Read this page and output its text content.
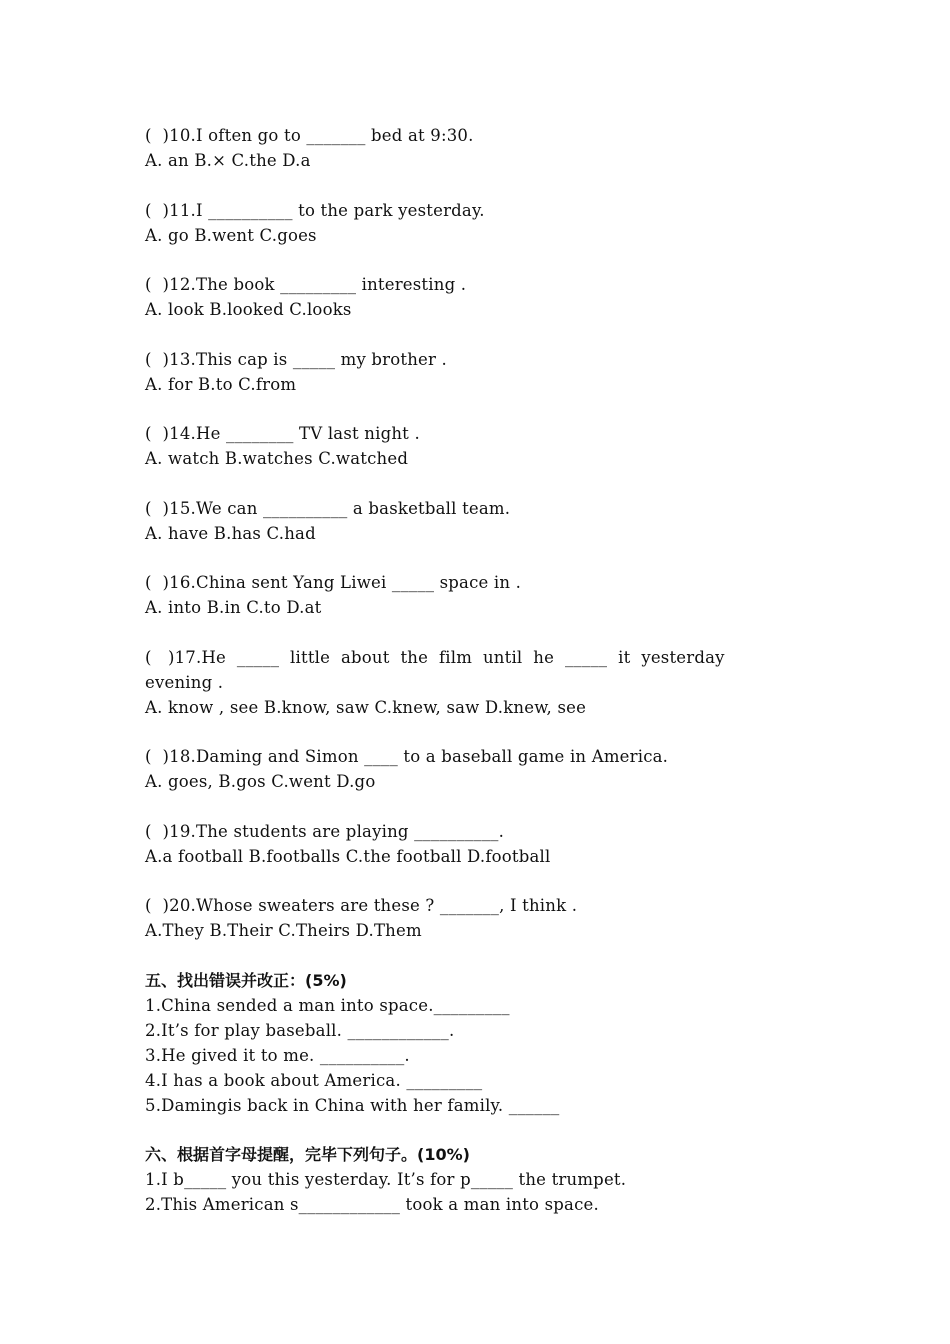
(  )10.I often go to _______ bed at 9:30.
A. an B.× C.the D.a
(  )11.I __________ to the park yesterday.
A. go B.went C.goes
(  )12.The book _________ interesting .
A. look B.looked C.looks
(  )13.This cap is _____ my brother .
A. for B.to C.from
(  )14.He ________ TV last night .
A. watch B.watches C.watched
(  )15.We can __________ a basketball team.
A. have B.has C.had
(  )16.China sent Yang Liwei _____ space in .
A. into B.in C.to D.at
(   )17.He  _____  little  about  the  film  until  he  _____  it  yesterday
evening .
A. know , see B.know, saw C.knew, saw D.knew, see
(  )18.Daming and Simon ____ to a baseball game in America.
A. goes, B.gos C.went D.go
(  )19.The students are playing __________.
A.a football B.footballs C.the football D.football
(  )20.Whose sweaters are these ? _______, I think .
A.They B.Their C.Theirs D.Them
五、找出错误并改正：(5%)
1.China sended a man into space._________
2.It’s for play baseball. ____________.
3.He gived it to me. __________.
4.I has a book about America. _________
5.Damingis back in China with her family. ______
六、根据首字母提醒，完毕下列句子。(10%)
1.I b_____ you this yesterday. It’s for p_____ the trumpet.
2.This American s____________ took a man into space.
